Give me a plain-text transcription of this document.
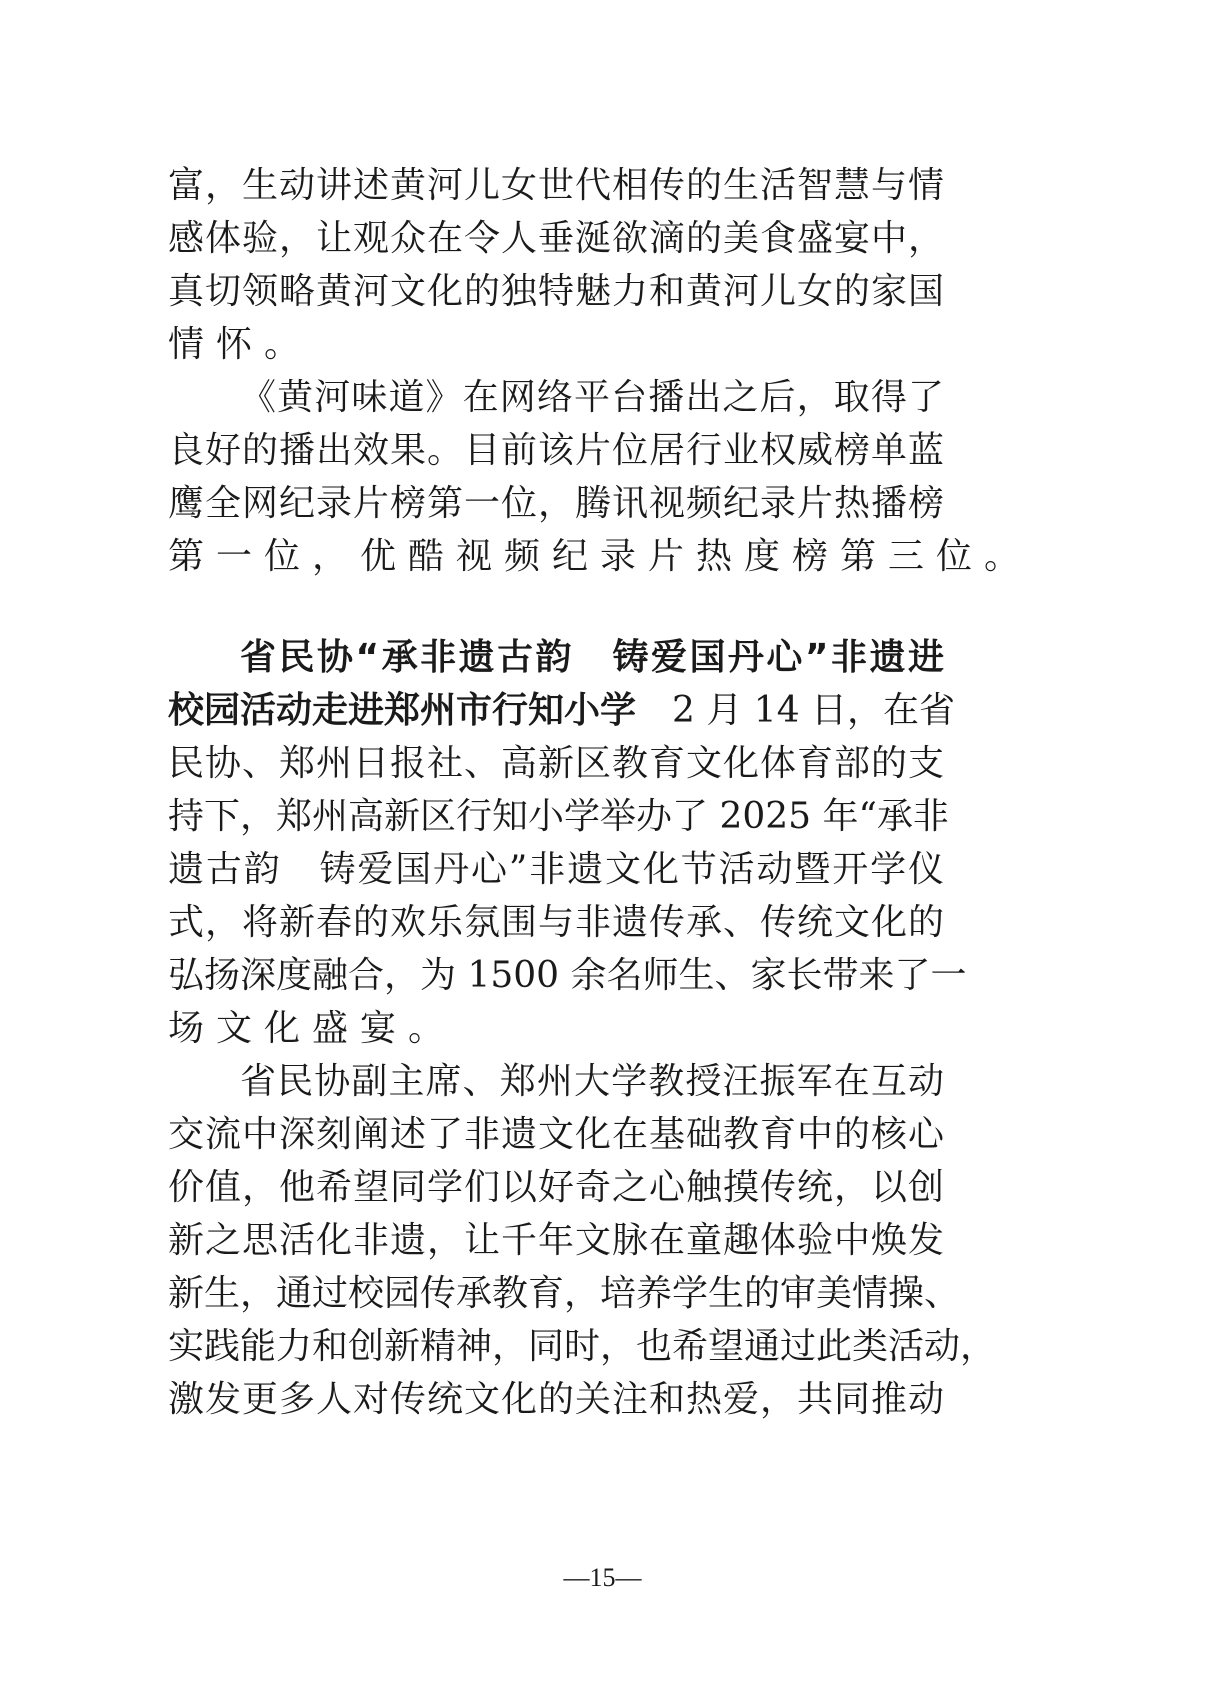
富，生动讲述黄河儿女世代相传的生活智慧与情
感体验，让观众在令人垂涎欲滴的美食盛宴中，
真切领略黄河文化的独特魅力和黄河儿女的家国
情怀。
《黄河味道》在网络平台播出之后，取得了
良好的播出效果。目前该片位居行业权威榜单蓝
鹰全网纪录片榜第一位，腾讯视频纪录片热播榜
第一位，优酷视频纪录片热度榜第三位。
省民协“承非遗古韵　铸爱国丹心”非遗进
校园活动走进郑州市行知小学　2 月 14 日，在省
民协、郑州日报社、高新区教育文化体育部的支
持下，郑州高新区行知小学举办了 2025 年“承非
遗古韵　铸爱国丹心”非遗文化节活动暨开学仪
式，将新春的欢乐氛围与非遗传承、传统文化的
弘扬深度融合，为 1500 余名师生、家长带来了一
场文化盛宴。
省民协副主席、郑州大学教授汪振军在互动
交流中深刻阐述了非遗文化在基础教育中的核心
价值，他希望同学们以好奇之心触摸传统，以创
新之思活化非遗，让千年文脉在童趣体验中焕发
新生，通过校园传承教育，培养学生的审美情操、
实践能力和创新精神，同时，也希望通过此类活动，
激发更多人对传统文化的关注和热爱，共同推动
—15—
